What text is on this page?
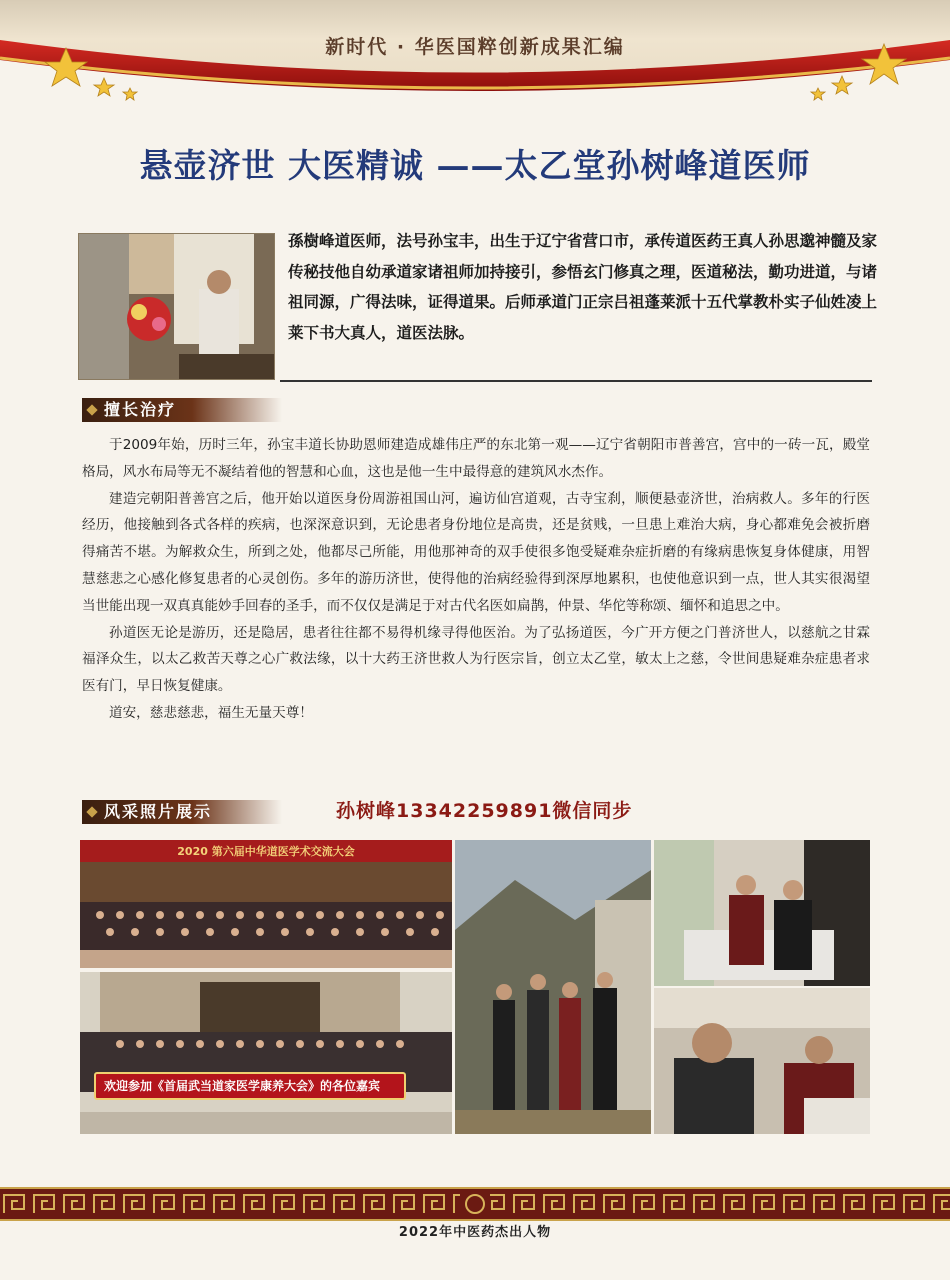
新时代 · 华医国粹创新成果汇编
悬壶济世 大医精诚 ——太乙堂孙树峰道医师
孫樹峰道医师，法号孙宝丰，出生于辽宁省营口市，承传道医药王真人孙思邈神髓及家传秘技他自幼承道家诸祖师加持接引，参悟玄门修真之理，医道秘法，勤功进道，与诸祖同源，广得法味，证得道果。后师承道门正宗吕祖蓬莱派十五代掌教朴实子仙姓凌上莱下书大真人，道医法脉。
擅长治疗

于2009年始，历时三年，孙宝丰道长协助恩师建造成雄伟庄严的东北第一观——辽宁省朝阳市普善宫，宫中的一砖一瓦，殿堂格局，风水布局等无不凝结着他的智慧和心血，这也是他一生中最得意的建筑风水杰作。

建造完朝阳普善宫之后，他开始以道医身份周游祖国山河，遍访仙宫道观，古寺宝刹，顺便悬壶济世，治病救人。多年的行医经历，他接触到各式各样的疾病，也深深意识到，无论患者身份地位是高贵，还是贫贱，一旦患上难治大病，身心都难免会被折磨得痛苦不堪。为解救众生，所到之处，他都尽己所能，用他那神奇的双手使很多饱受疑难杂症折磨的有缘病患恢复身体健康，用智慧慈悲之心感化修复患者的心灵创伤。多年的游历济世，使得他的治病经验得到深厚地累积，也使他意识到一点，世人其实很渴望当世能出现一双真真能妙手回春的圣手，而不仅仅是满足于对古代名医如扁鹊，仲景、华佗等称颂、缅怀和追思之中。

孙道医无论是游历，还是隐居，患者往往都不易得机缘寻得他医治。为了弘扬道医，今广开方便之门普济世人，以慈航之甘霖福泽众生，以太乙救苦天尊之心广救法缘，以十大药王济世救人为行医宗旨，创立太乙堂，敏太上之慈，令世间患疑难杂症患者求医有门，早日恢复健康。

道安，慈悲慈悲，福生无量天尊！

风采照片展示	孙树峰13342259891微信同步
2020 第六届中华道医学术交流大会
欢迎参加《首届武当道家医学康养大会》的各位嘉宾
2022年中医药杰出人物
